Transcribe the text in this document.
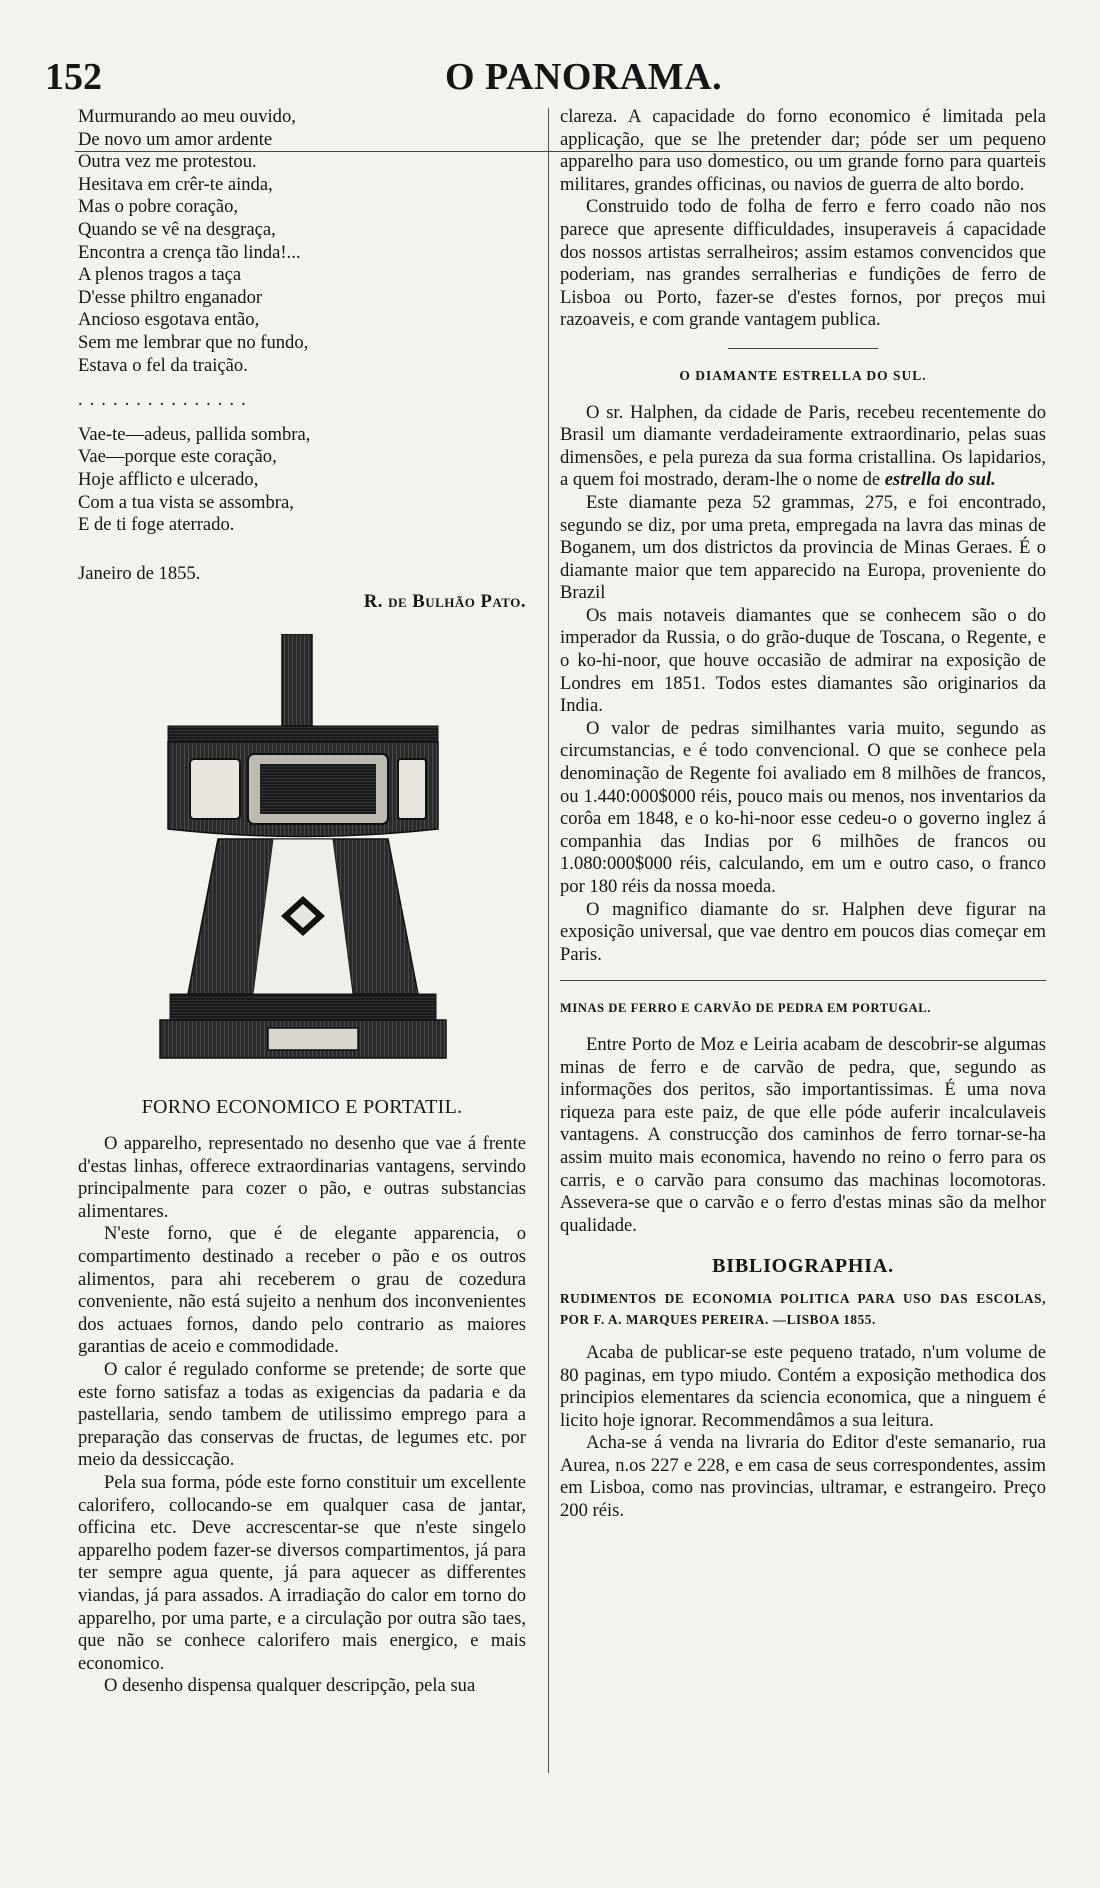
152	O PANORAMA.
Murmurando ao meu ouvido,
De novo um amor ardente
Outra vez me protestou.
Hesitava em crêr-te ainda,
Mas o pobre coração,
Quando se vê na desgraça,
Encontra a crença tão linda!...
A plenos tragos a taça
D'esse philtro enganador
Ancioso esgotava então,
Sem me lembrar que no fundo,
Estava o fel da traição.
...............
Vae-te—adeus, pallida sombra,
Vae—porque este coração,
Hoje afflicto e ulcerado,
Com a tua vista se assombra,
E de ti foge aterrado.
Janeiro de 1855.
R. de Bulhão Pato.
FORNO ECONOMICO E PORTATIL.

O apparelho, representado no desenho que vae á frente d'estas linhas, offerece extraordinarias vantagens, servindo principalmente para cozer o pão, e outras substancias alimentares.

N'este forno, que é de elegante apparencia, o compartimento destinado a receber o pão e os outros alimentos, para ahi receberem o grau de cozedura conveniente, não está sujeito a nenhum dos inconvenientes dos actuaes fornos, dando pelo contrario as maiores garantias de aceio e commodidade.

O calor é regulado conforme se pretende; de sorte que este forno satisfaz a todas as exigencias da padaria e da pastellaria, sendo tambem de utilissimo emprego para a preparação das conservas de fructas, de legumes etc. por meio da dessiccação.

Pela sua forma, póde este forno constituir um excellente calorifero, collocando-se em qualquer casa de jantar, officina etc. Deve accrescentar-se que n'este singelo apparelho podem fazer-se diversos compartimentos, já para ter sempre agua quente, já para aquecer as differentes viandas, já para assados. A irradiação do calor em torno do apparelho, por uma parte, e a circulação por outra são taes, que não se conhece calorifero mais energico, e mais economico.

O desenho dispensa qualquer descripção, pela sua

clareza. A capacidade do forno economico é limitada pela applicação, que se lhe pretender dar; póde ser um pequeno apparelho para uso domestico, ou um grande forno para quarteis militares, grandes officinas, ou navios de guerra de alto bordo.

Construido todo de folha de ferro e ferro coado não nos parece que apresente difficuldades, insuperaveis á capacidade dos nossos artistas serralheiros; assim estamos convencidos que poderiam, nas grandes serralherias e fundições de ferro de Lisboa ou Porto, fazer-se d'estes fornos, por preços mui razoaveis, e com grande vantagem publica.

O DIAMANTE ESTRELLA DO SUL.

O sr. Halphen, da cidade de Paris, recebeu recentemente do Brasil um diamante verdadeiramente extraordinario, pelas suas dimensões, e pela pureza da sua forma cristallina. Os lapidarios, a quem foi mostrado, deram-lhe o nome de estrella do sul.

Este diamante peza 52 grammas, 275, e foi encontrado, segundo se diz, por uma preta, empregada na lavra das minas de Boganem, um dos districtos da provincia de Minas Geraes. É o diamante maior que tem apparecido na Europa, proveniente do Brazil

Os mais notaveis diamantes que se conhecem são o do imperador da Russia, o do grão-duque de Toscana, o Regente, e o ko-hi-noor, que houve occasião de admirar na exposição de Londres em 1851. Todos estes diamantes são originarios da India.

O valor de pedras similhantes varia muito, segundo as circumstancias, e é todo convencional. O que se conhece pela denominação de Regente foi avaliado em 8 milhões de francos, ou 1.440:000$000 réis, pouco mais ou menos, nos inventarios da corôa em 1848, e o ko-hi-noor esse cedeu-o o governo inglez á companhia das Indias por 6 milhões de francos ou 1.080:000$000 réis, calculando, em um e outro caso, o franco por 180 réis da nossa moeda.

O magnifico diamante do sr. Halphen deve figurar na exposição universal, que vae dentro em poucos dias começar em Paris.

MINAS DE FERRO E CARVÃO DE PEDRA EM PORTUGAL.

Entre Porto de Moz e Leiria acabam de descobrir-se algumas minas de ferro e de carvão de pedra, que, segundo as informações dos peritos, são importantissimas. É uma nova riqueza para este paiz, de que elle póde auferir incalculaveis vantagens. A construcção dos caminhos de ferro tornar-se-ha assim muito mais economica, havendo no reino o ferro para os carris, e o carvão para consumo das machinas locomotoras. Assevera-se que o carvão e o ferro d'estas minas são da melhor qualidade.

BIBLIOGRAPHIA.
RUDIMENTOS DE ECONOMIA POLITICA PARA USO DAS ESCOLAS, POR F. A. MARQUES PEREIRA. —LISBOA 1855.

Acaba de publicar-se este pequeno tratado, n'um volume de 80 paginas, em typo miudo. Contém a exposição methodica dos principios elementares da sciencia economica, que a ninguem é licito hoje ignorar. Recommendâmos a sua leitura.

Acha-se á venda na livraria do Editor d'este semanario, rua Aurea, n.os 227 e 228, e em casa de seus correspondentes, assim em Lisboa, como nas provincias, ultramar, e estrangeiro. Preço 200 réis.
